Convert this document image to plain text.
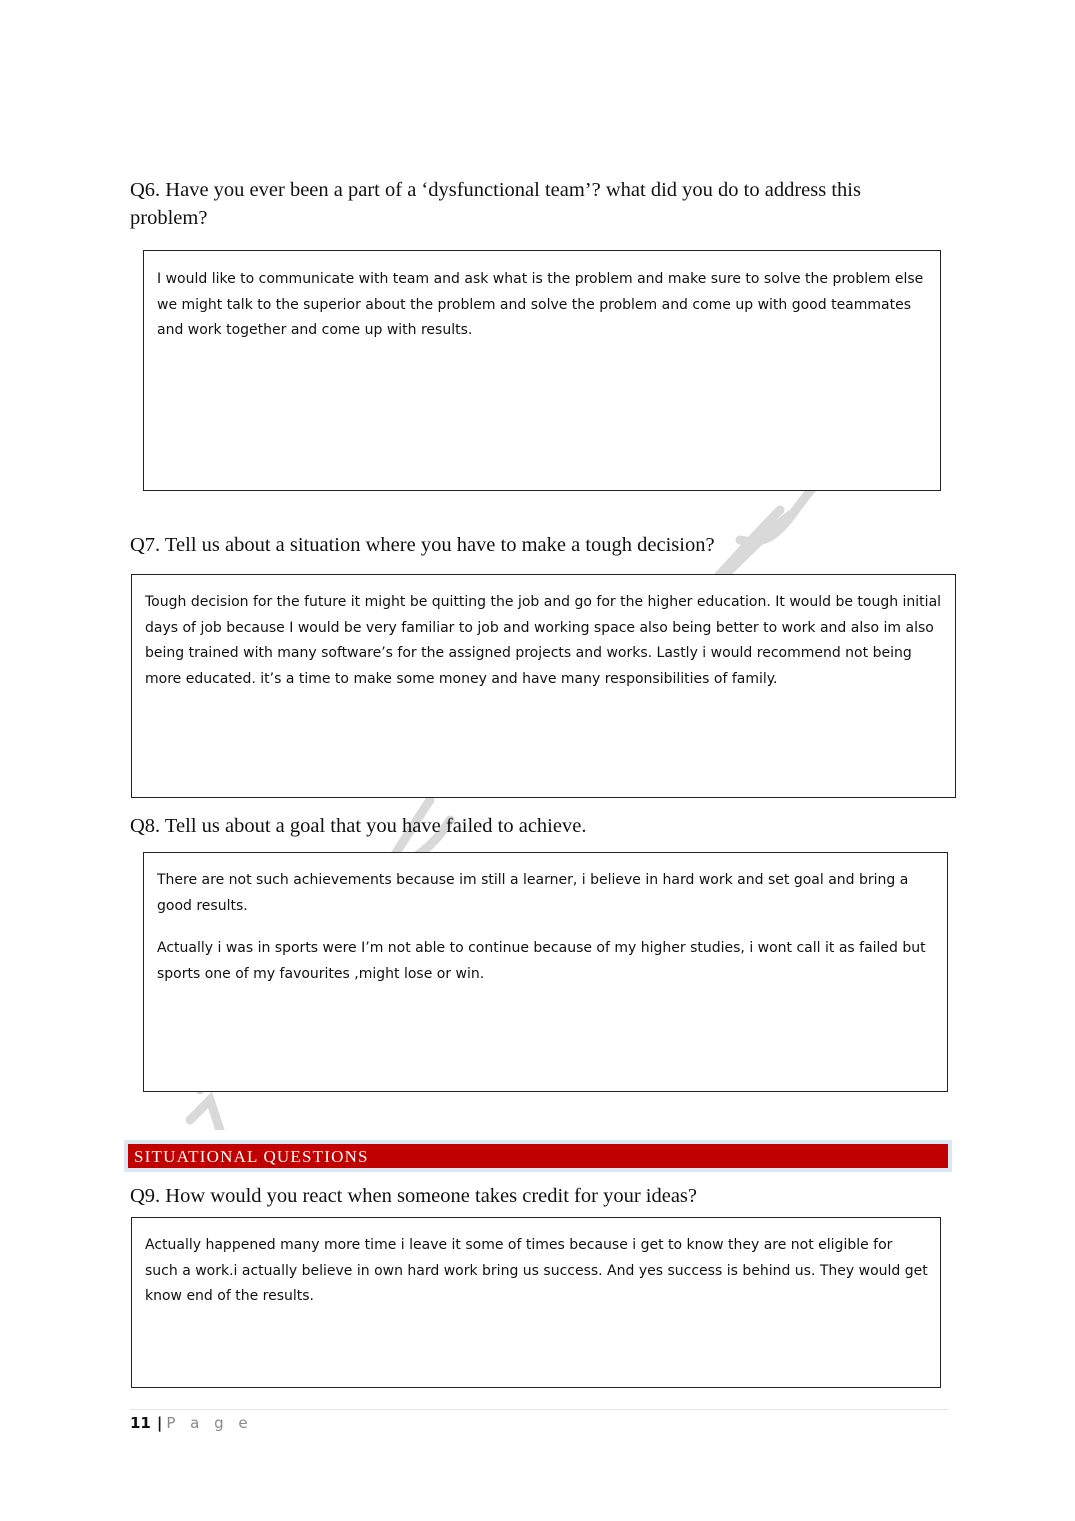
Q6. Have you ever been a part of a ‘dysfunctional team’? what did you do to address this problem?

I would like to communicate with team and ask what is the problem and make sure to solve the problem else we might talk to the superior about the problem and solve the problem and come up with good teammates and work together and come up with results.

Q7. Tell us about a situation where you have to make a tough decision?

Tough decision for the future it might be quitting the job and go for the higher education. It would be tough initial days of job because I would be very familiar to job and working space also being better to work and also im also being trained with many software’s for the assigned projects and works. Lastly i would recommend not being more educated. it’s a time to make some money and have many responsibilities of family.

Q8. Tell us about a goal that you have failed to achieve.

There are not such achievements because im still a learner, i believe in hard work and set goal and bring a good results.

Actually i was in sports were I’m not able to continue because of my higher studies, i wont call it as failed but sports one of my favourites ,might lose or win.

SITUATIONAL QUESTIONS
Q9. How would you react when someone takes credit for your ideas?

Actually happened many more time i leave it some of times because i get to know they are not eligible for such a work.i actually believe in own hard work bring us success. And yes success is behind us. They would get know end of the results.

11 | P a g e
